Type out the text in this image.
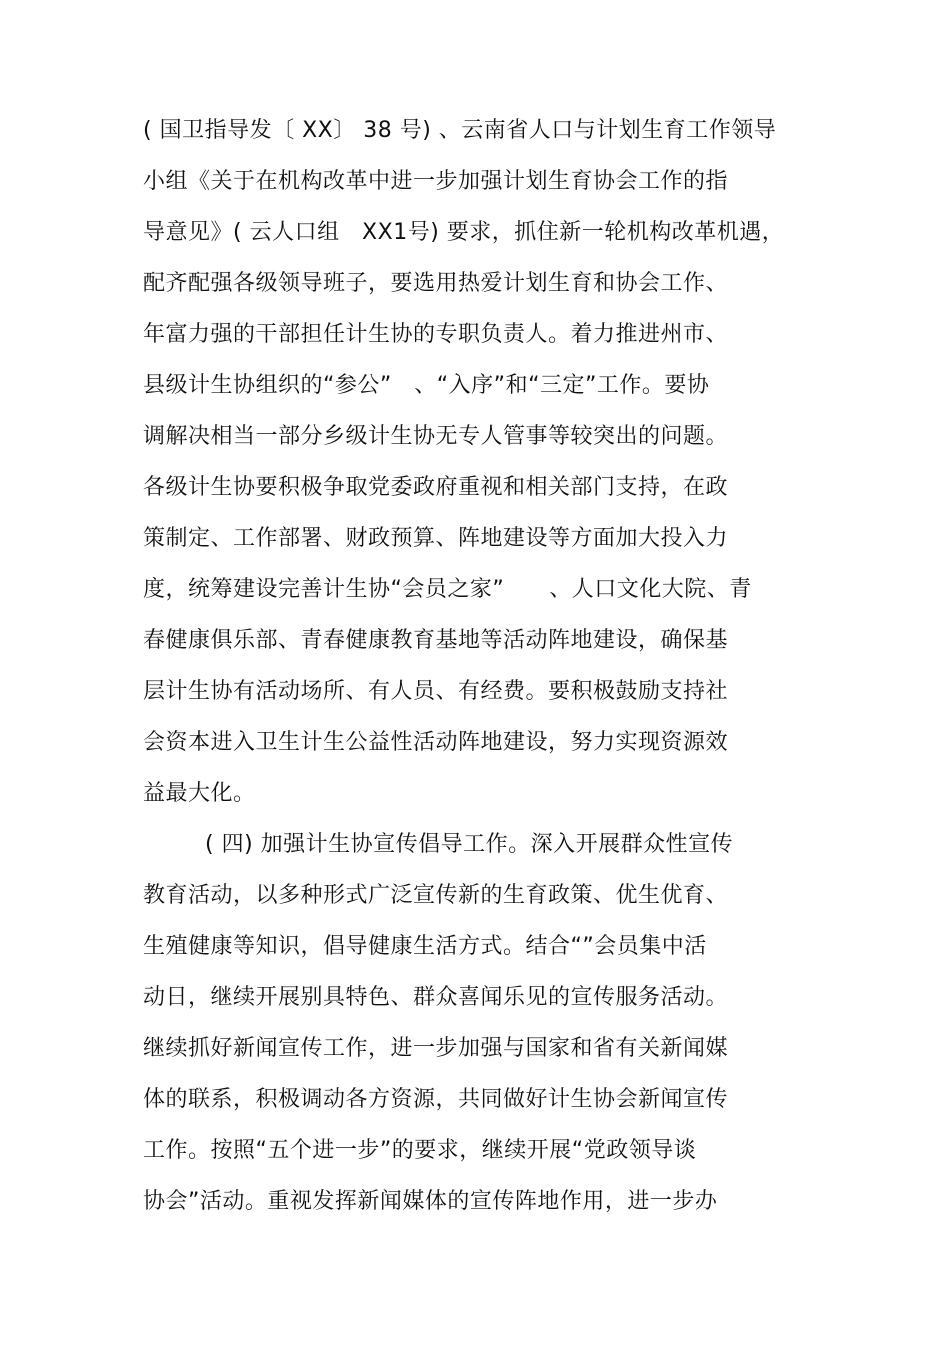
( 国卫指导发〔 XX〕 38 号) 、云南省人口与计划生育工作领导
小组《关于在机构改革中进一步加强计划生育协会工作的指
导意见》( 云人口组   XX1号) 要求，抓住新一轮机构改革机遇，
配齐配强各级领导班子，要选用热爱计划生育和协会工作、
年富力强的干部担任计生协的专职负责人。着力推进州市、
县级计生协组织的“参公”   、“入序”和“三定”工作。要协
调解决相当一部分乡级计生协无专人管事等较突出的问题。
各级计生协要积极争取党委政府重视和相关部门支持，在政
策制定、工作部署、财政预算、阵地建设等方面加大投入力
度，统筹建设完善计生协“会员之家”      、人口文化大院、青
春健康俱乐部、青春健康教育基地等活动阵地建设，确保基
层计生协有活动场所、有人员、有经费。要积极鼓励支持社
会资本进入卫生计生公益性活动阵地建设，努力实现资源效
益最大化。
( 四) 加强计生协宣传倡导工作。深入开展群众性宣传
教育活动，以多种形式广泛宣传新的生育政策、优生优育、
生殖健康等知识，倡导健康生活方式。结合“”会员集中活
动日，继续开展别具特色、群众喜闻乐见的宣传服务活动。
继续抓好新闻宣传工作，进一步加强与国家和省有关新闻媒
体的联系，积极调动各方资源，共同做好计生协会新闻宣传
工作。按照“五个进一步”的要求，继续开展“党政领导谈
协会”活动。重视发挥新闻媒体的宣传阵地作用，进一步办
